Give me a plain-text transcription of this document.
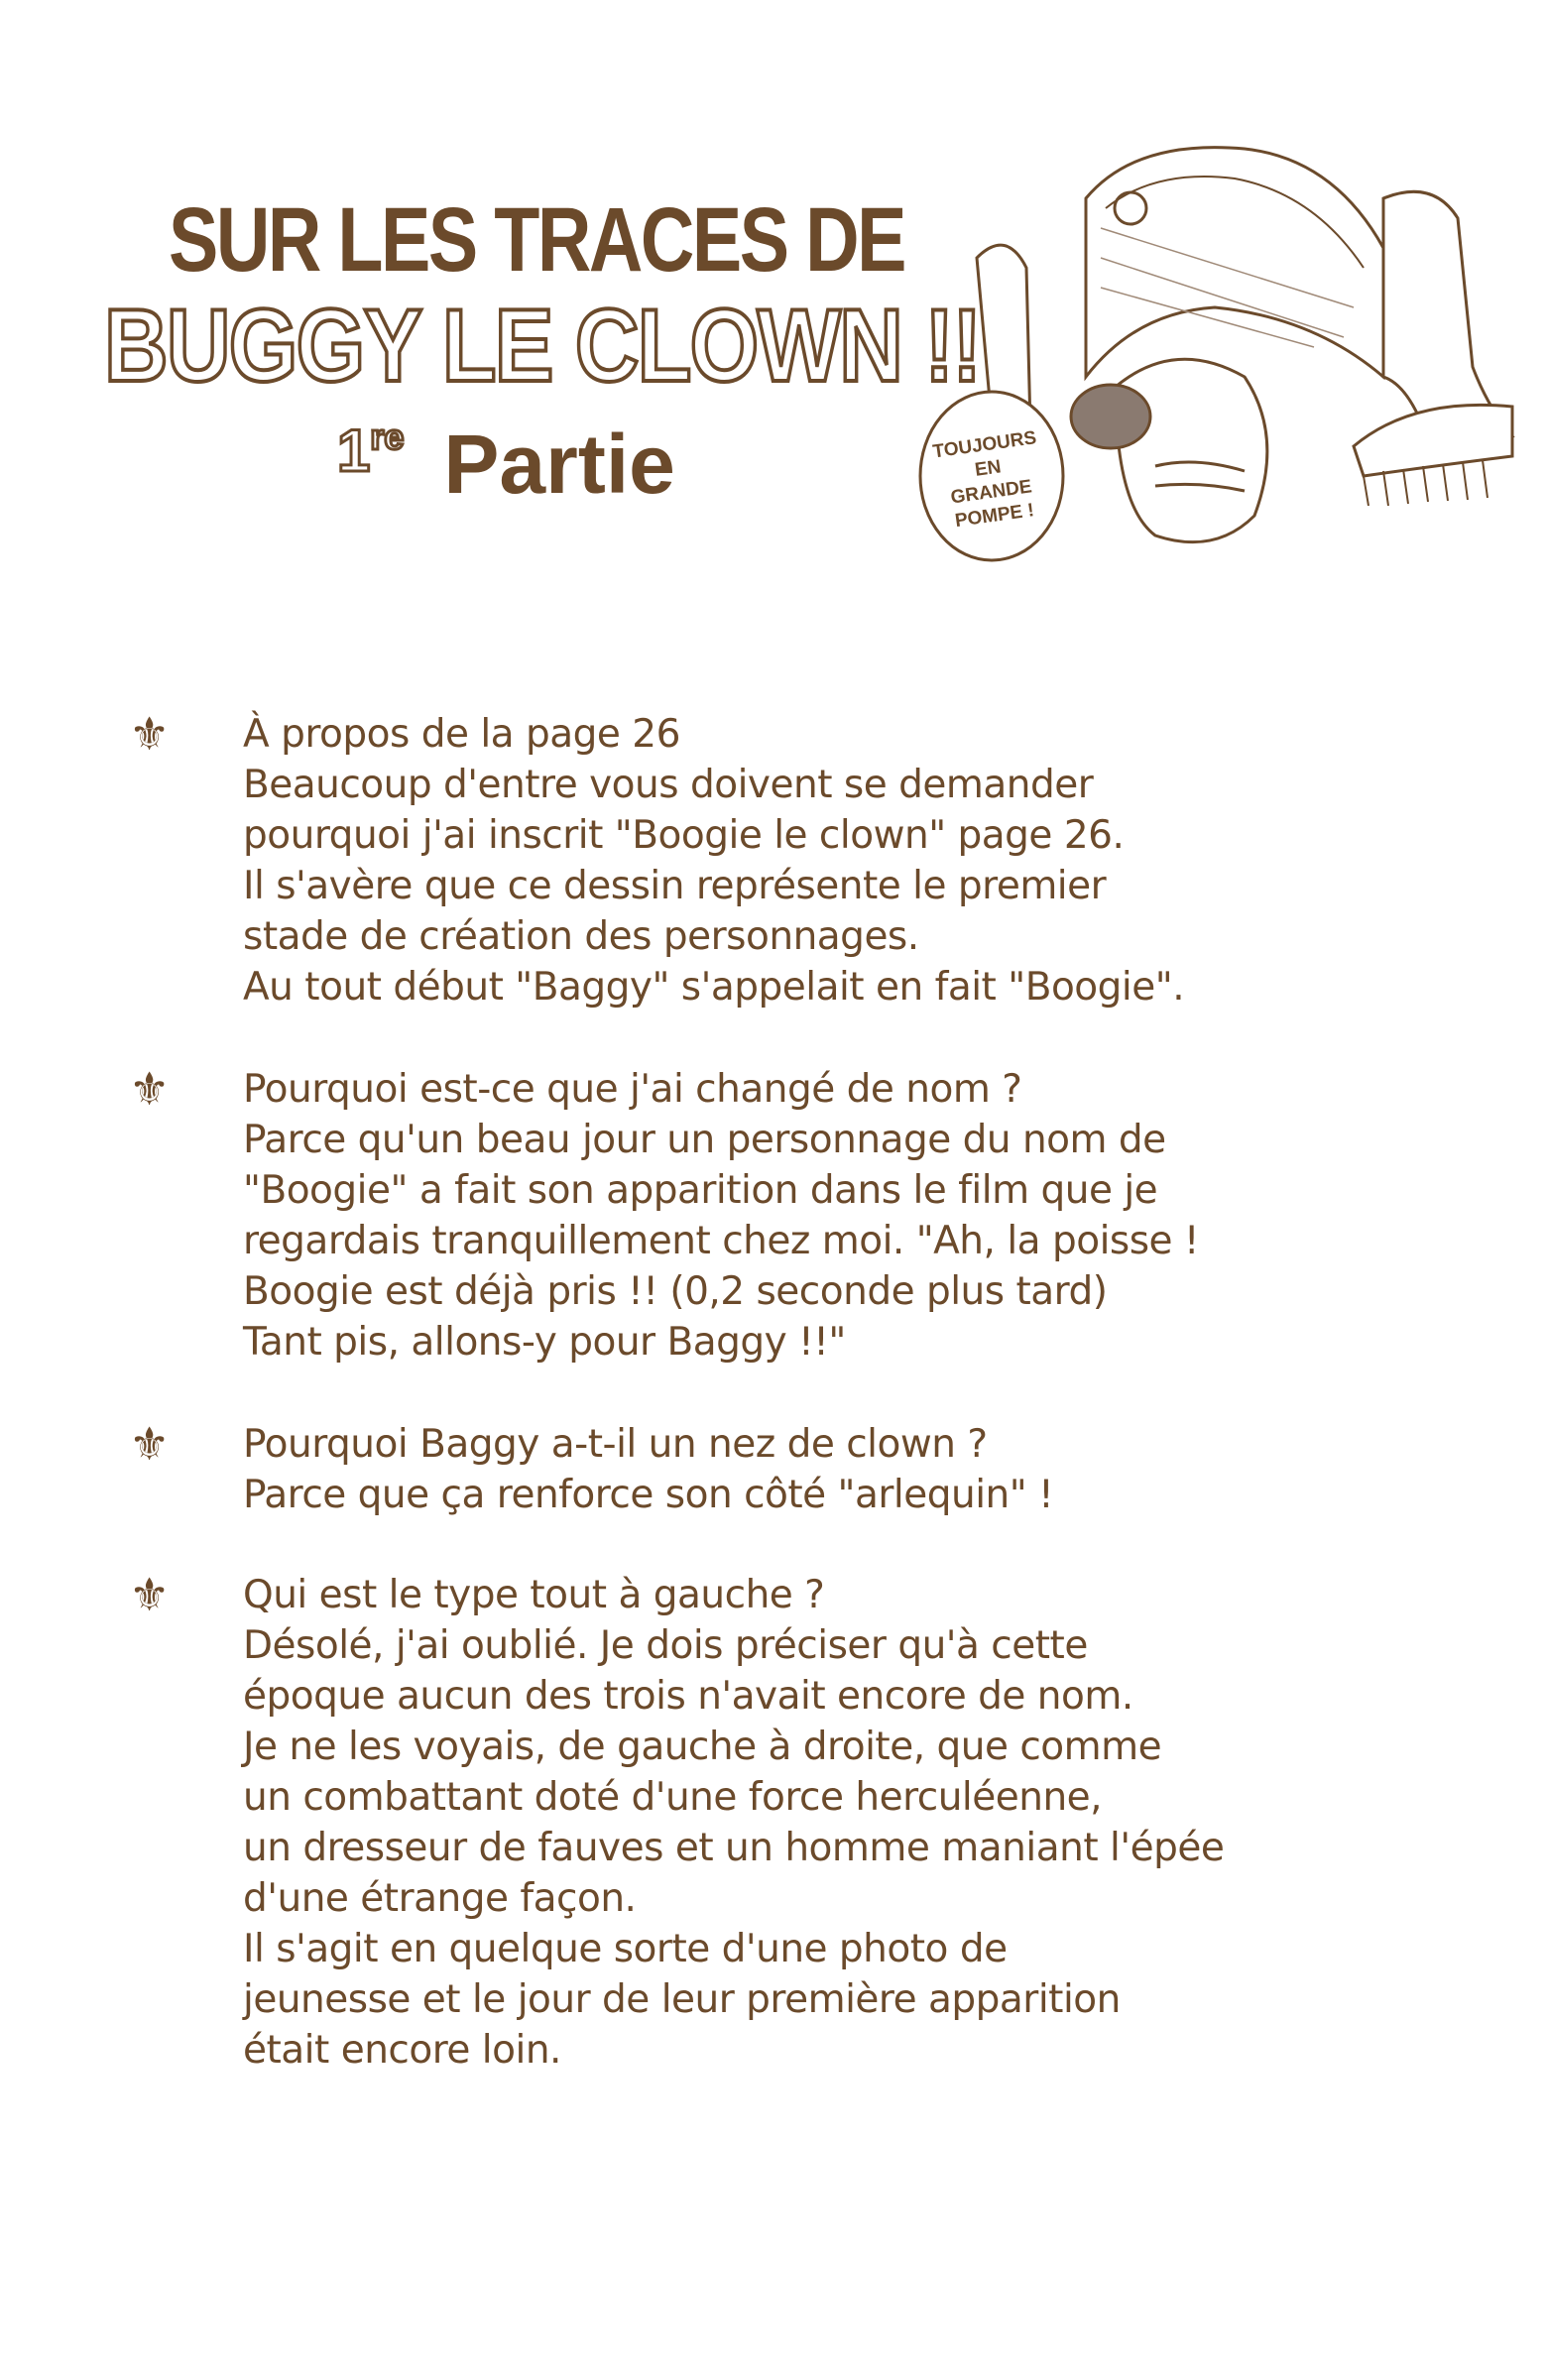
SUR LES TRACES DE
BUGGY LE CLOWN !!
1re Partie	TOUJOURS
EN
GRANDE
POMPE !
⚜ À propos de la page 26
Beaucoup d'entre vous doivent se demander
pourquoi j'ai inscrit "Boogie le clown" page 26.
Il s'avère que ce dessin représente le premier
stade de création des personnages.
Au tout début "Baggy" s'appelait en fait "Boogie".
⚜ Pourquoi est-ce que j'ai changé de nom ?
Parce qu'un beau jour un personnage du nom de
"Boogie" a fait son apparition dans le film que je
regardais tranquillement chez moi. "Ah, la poisse !
Boogie est déjà pris !! (0,2 seconde plus tard)
Tant pis, allons-y pour Baggy !!"
⚜ Pourquoi Baggy a-t-il un nez de clown ?
Parce que ça renforce son côté "arlequin" !
⚜ Qui est le type tout à gauche ?
Désolé, j'ai oublié. Je dois préciser qu'à cette
époque aucun des trois n'avait encore de nom.
Je ne les voyais, de gauche à droite, que comme
un combattant doté d'une force herculéenne,
un dresseur de fauves et un homme maniant l'épée
d'une étrange façon.
Il s'agit en quelque sorte d'une photo de
jeunesse et le jour de leur première apparition
était encore loin.
